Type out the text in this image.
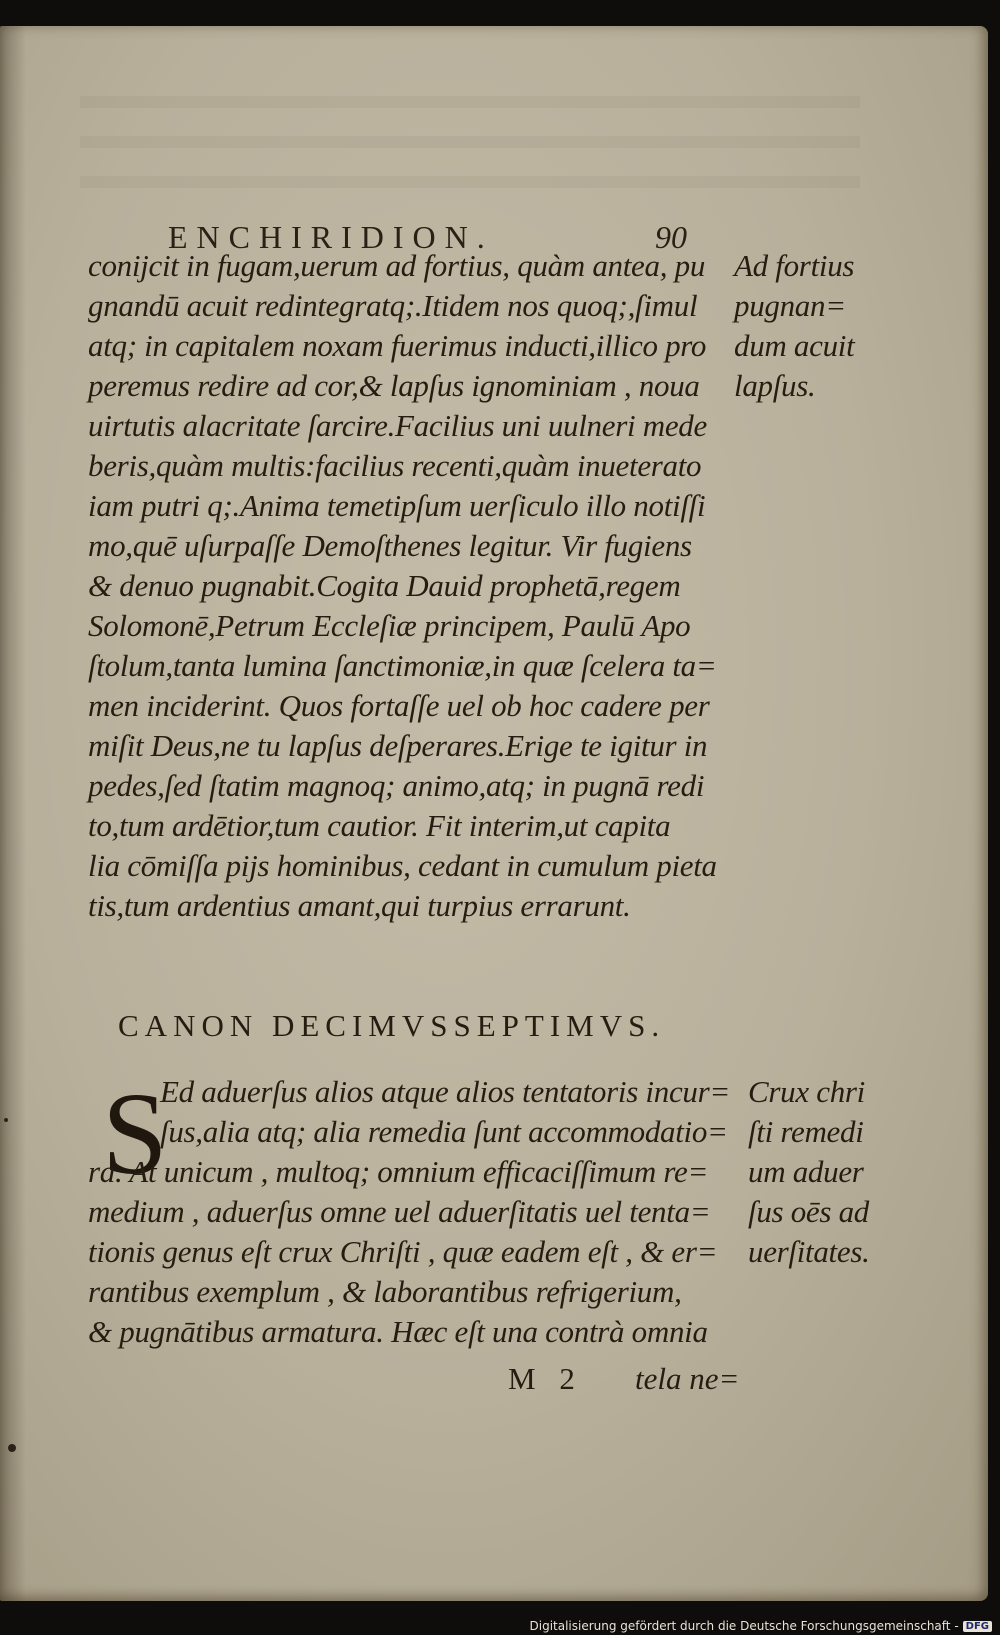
ENCHIRIDION.	90
conijcit in fugam,uerum ad fortius, quàm antea, pu
gnandū acuit redintegratq;.Itidem nos quoq;,ſimul
atq; in capitalem noxam fuerimus inducti,illico pro
peremus redire ad cor,& lapſus ignominiam , noua
uirtutis alacritate ſarcire.Facilius uni uulneri mede
beris,quàm multis:facilius recenti,quàm inueterato
iam putri q;.Anima temetipſum uerſiculo illo notiſſi
mo,quē uſurpaſſe Demoſthenes legitur. Vir fugiens
& denuo pugnabit.Cogita Dauid prophetā,regem
Solomonē,Petrum Eccleſiæ principem, Paulū Apo
ſtolum,tanta lumina ſanctimoniæ,in quæ ſcelera ta=
men inciderint. Quos fortaſſe uel ob hoc cadere per
miſit Deus,ne tu lapſus deſperares.Erige te igitur in
pedes,ſed ſtatim magnoq; animo,atq; in pugnā redi
to,tum ardētior,tum cautior. Fit interim,ut capita
lia cōmiſſa pijs hominibus, cedant in cumulum pieta
tis,tum ardentius amant,qui turpius errarunt.
Ad fortius
pugnan=
dum acuit
lapſus.
CANON DECIMVSSEPTIMVS.
S
Ed aduerſus alios atque alios tentatoris incur=
ſus,alia atq; alia remedia ſunt accommodatio=
ra. At unicum , multoq; omnium efficaciſſimum re=
medium , aduerſus omne uel aduerſitatis uel tenta=
tionis genus eſt crux Chriſti , quæ eadem eſt , & er=
rantibus exemplum , & laborantibus refrigerium,
& pugnātibus armatura. Hæc eſt una contrà omnia
Crux chri
ſti remedi
um aduer
ſus oēs ad
uerſitates.
M 2 tela ne=
Digitalisierung gefördert durch die Deutsche Forschungsgemeinschaft - DFG
